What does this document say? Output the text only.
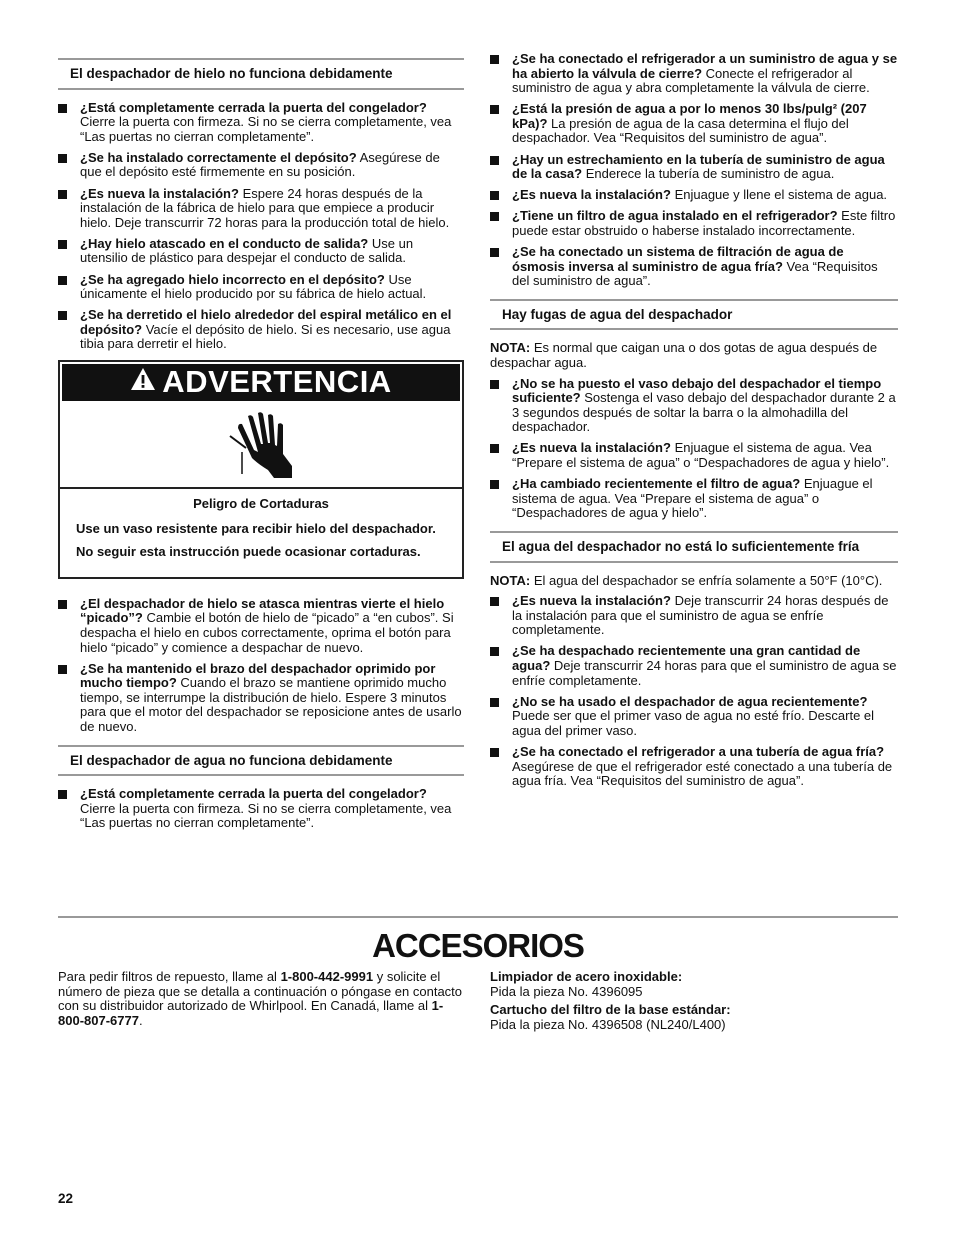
El despachador de hielo no funciona debidamente
¿Está completamente cerrada la puerta del congelador? Cierre la puerta con firmeza. Si no se cierra completamente, vea “Las puertas no cierran completamente”.
¿Se ha instalado correctamente el depósito? Asegúrese de que el depósito esté firmemente en su posición.
¿Es nueva la instalación? Espere 24 horas después de la instalación de la fábrica de hielo para que empiece a producir hielo. Deje transcurrir 72 horas para la producción total de hielo.
¿Hay hielo atascado en el conducto de salida? Use un utensilio de plástico para despejar el conducto de salida.
¿Se ha agregado hielo incorrecto en el depósito? Use únicamente el hielo producido por su fábrica de hielo actual.
¿Se ha derretido el hielo alrededor del espiral metálico en el depósito? Vacíe el depósito de hielo. Si es necesario, use agua tibia para derretir el hielo.
ADVERTENCIA
Peligro de Cortaduras

Use un vaso resistente para recibir hielo del despachador.

No seguir esta instrucción puede ocasionar cortaduras.

¿El despachador de hielo se atasca mientras vierte el hielo “picado”? Cambie el botón de hielo de “picado” a “en cubos”. Si despacha el hielo en cubos correctamente, oprima el botón para hielo “picado” y comience a despachar de nuevo.
¿Se ha mantenido el brazo del despachador oprimido por mucho tiempo? Cuando el brazo se mantiene oprimido mucho tiempo, se interrumpe la distribución de hielo. Espere 3 minutos para que el motor del despachador se reposicione antes de usarlo de nuevo.
El despachador de agua no funciona debidamente
¿Está completamente cerrada la puerta del congelador? Cierre la puerta con firmeza. Si no se cierra completamente, vea “Las puertas no cierran completamente”.
¿Se ha conectado el refrigerador a un suministro de agua y se ha abierto la válvula de cierre? Conecte el refrigerador al suministro de agua y abra completamente la válvula de cierre.
¿Está la presión de agua a por lo menos 30 lbs/pulg² (207 kPa)? La presión de agua de la casa determina el flujo del despachador. Vea “Requisitos del suministro de agua”.
¿Hay un estrechamiento en la tubería de suministro de agua de la casa? Enderece la tubería de suministro de agua.
¿Es nueva la instalación? Enjuague y llene el sistema de agua.
¿Tiene un filtro de agua instalado en el refrigerador? Este filtro puede estar obstruido o haberse instalado incorrectamente.
¿Se ha conectado un sistema de filtración de agua de ósmosis inversa al suministro de agua fría? Vea “Requisitos del suministro de agua”.
Hay fugas de agua del despachador

NOTA: Es normal que caigan una o dos gotas de agua después de despachar agua.

¿No se ha puesto el vaso debajo del despachador el tiempo suficiente? Sostenga el vaso debajo del despachador durante 2 a 3 segundos después de soltar la barra o la almohadilla del despachador.
¿Es nueva la instalación? Enjuague el sistema de agua. Vea “Prepare el sistema de agua” o “Despachadores de agua y hielo”.
¿Ha cambiado recientemente el filtro de agua? Enjuague el sistema de agua. Vea “Prepare el sistema de agua” o “Despachadores de agua y hielo”.
El agua del despachador no está lo suficientemente fría

NOTA: El agua del despachador se enfría solamente a 50°F (10°C).

¿Es nueva la instalación? Deje transcurrir 24 horas después de la instalación para que el suministro de agua se enfríe completamente.
¿Se ha despachado recientemente una gran cantidad de agua? Deje transcurrir 24 horas para que el suministro de agua se enfríe completamente.
¿No se ha usado el despachador de agua recientemente? Puede ser que el primer vaso de agua no esté frío. Descarte el agua del primer vaso.
¿Se ha conectado el refrigerador a una tubería de agua fría? Asegúrese de que el refrigerador esté conectado a una tubería de agua fría. Vea “Requisitos del suministro de agua”.
ACCESORIOS
Para pedir filtros de repuesto, llame al 1-800-442-9991 y solicite el número de pieza que se detalla a continuación o póngase en contacto con su distribuidor autorizado de Whirlpool. En Canadá, llame al 1-800-807-6777.

Limpiador de acero inoxidable:
Pida la pieza No. 4396095

Cartucho del filtro de la base estándar:
Pida la pieza No. 4396508 (NL240/L400)

22
